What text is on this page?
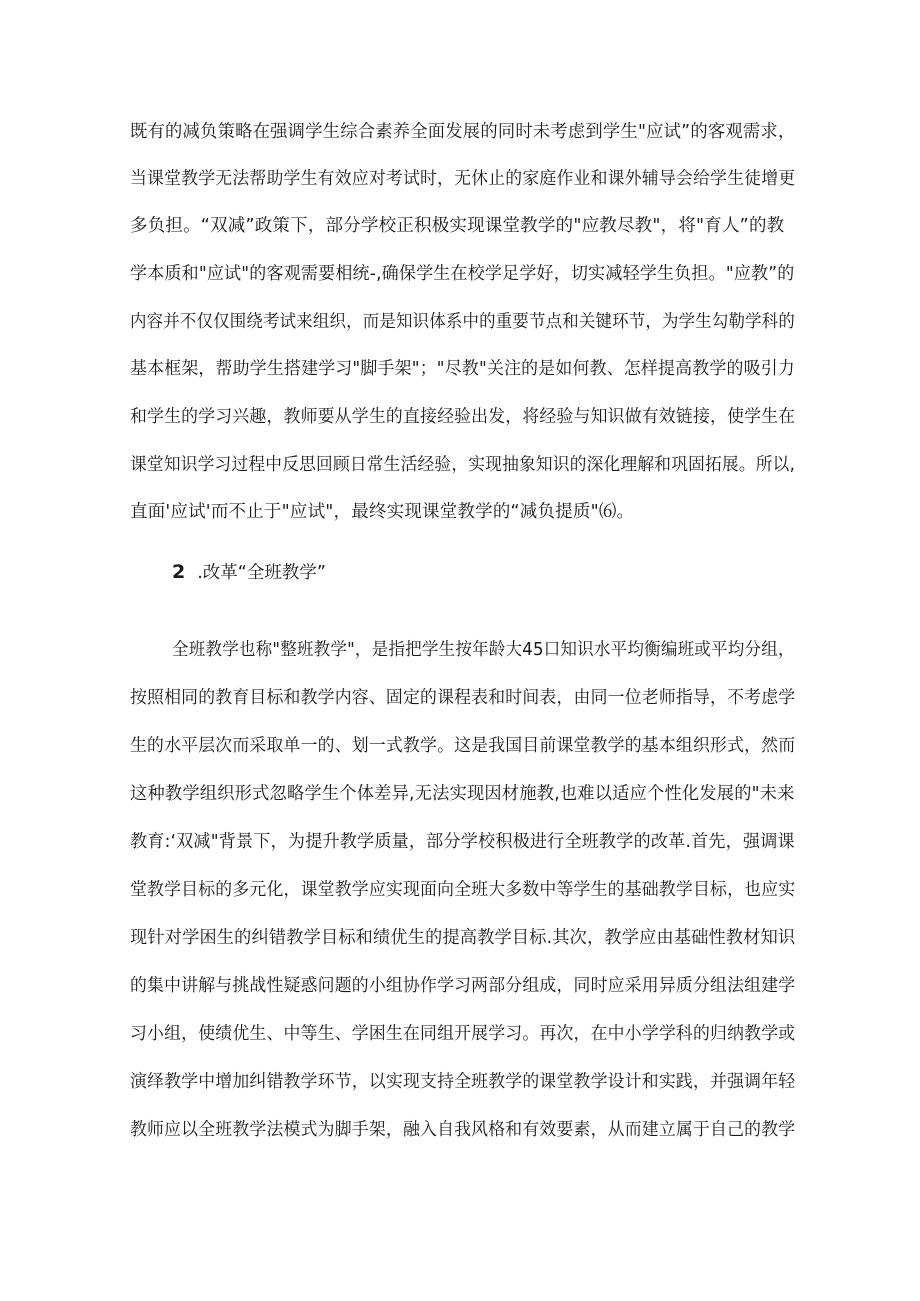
既有的减负策略在强调学生综合素养全面发展的同时未考虑到学生"应试”的客观需求，
当课堂教学无法帮助学生有效应对考试时，无休止的家庭作业和课外辅导会给学生徒增更
多负担。“双减”政策下，部分学校正积极实现课堂教学的"应教尽教"，将"育人”的教
学本质和"应试"的客观需要相统-,确保学生在校学足学好，切实减轻学生负担。"应教”的
内容并不仅仅围绕考试来组织，而是知识体系中的重要节点和关键环节，为学生勾勒学科的
基本框架，帮助学生搭建学习"脚手架"；"尽教"关注的是如何教、怎样提高教学的吸引力
和学生的学习兴趣，教师要从学生的直接经验出发，将经验与知识做有效链接，使学生在
课堂知识学习过程中反思回顾日常生活经验，实现抽象知识的深化理解和巩固拓展。所以,
直面'应试'而不止于"应试"，最终实现课堂教学的“减负提质"⑹。
2 .改革“全班教学”
全班教学也称"整班教学"，是指把学生按年龄大45口知识水平均衡编班或平均分组，
按照相同的教育目标和教学内容、固定的课程表和时间表，由同一位老师指导，不考虑学
生的水平层次而采取单一的、划一式教学。这是我国目前课堂教学的基本组织形式，然而
这种教学组织形式忽略学生个体差异,无法实现因材施教,也难以适应个性化发展的"未来
教育:‘双减"背景下，为提升教学质量，部分学校积极进行全班教学的改革.首先，强调课
堂教学目标的多元化，课堂教学应实现面向全班大多数中等学生的基础教学目标，也应实
现针对学困生的纠错教学目标和绩优生的提高教学目标.其次，教学应由基础性教材知识
的集中讲解与挑战性疑惑问题的小组协作学习两部分组成，同时应采用异质分组法组建学
习小组，使绩优生、中等生、学困生在同组开展学习。再次，在中小学学科的归纳教学或
演绎教学中增加纠错教学环节，以实现支持全班教学的课堂教学设计和实践，并强调年轻
教师应以全班教学法模式为脚手架，融入自我风格和有效要素，从而建立属于自己的教学
